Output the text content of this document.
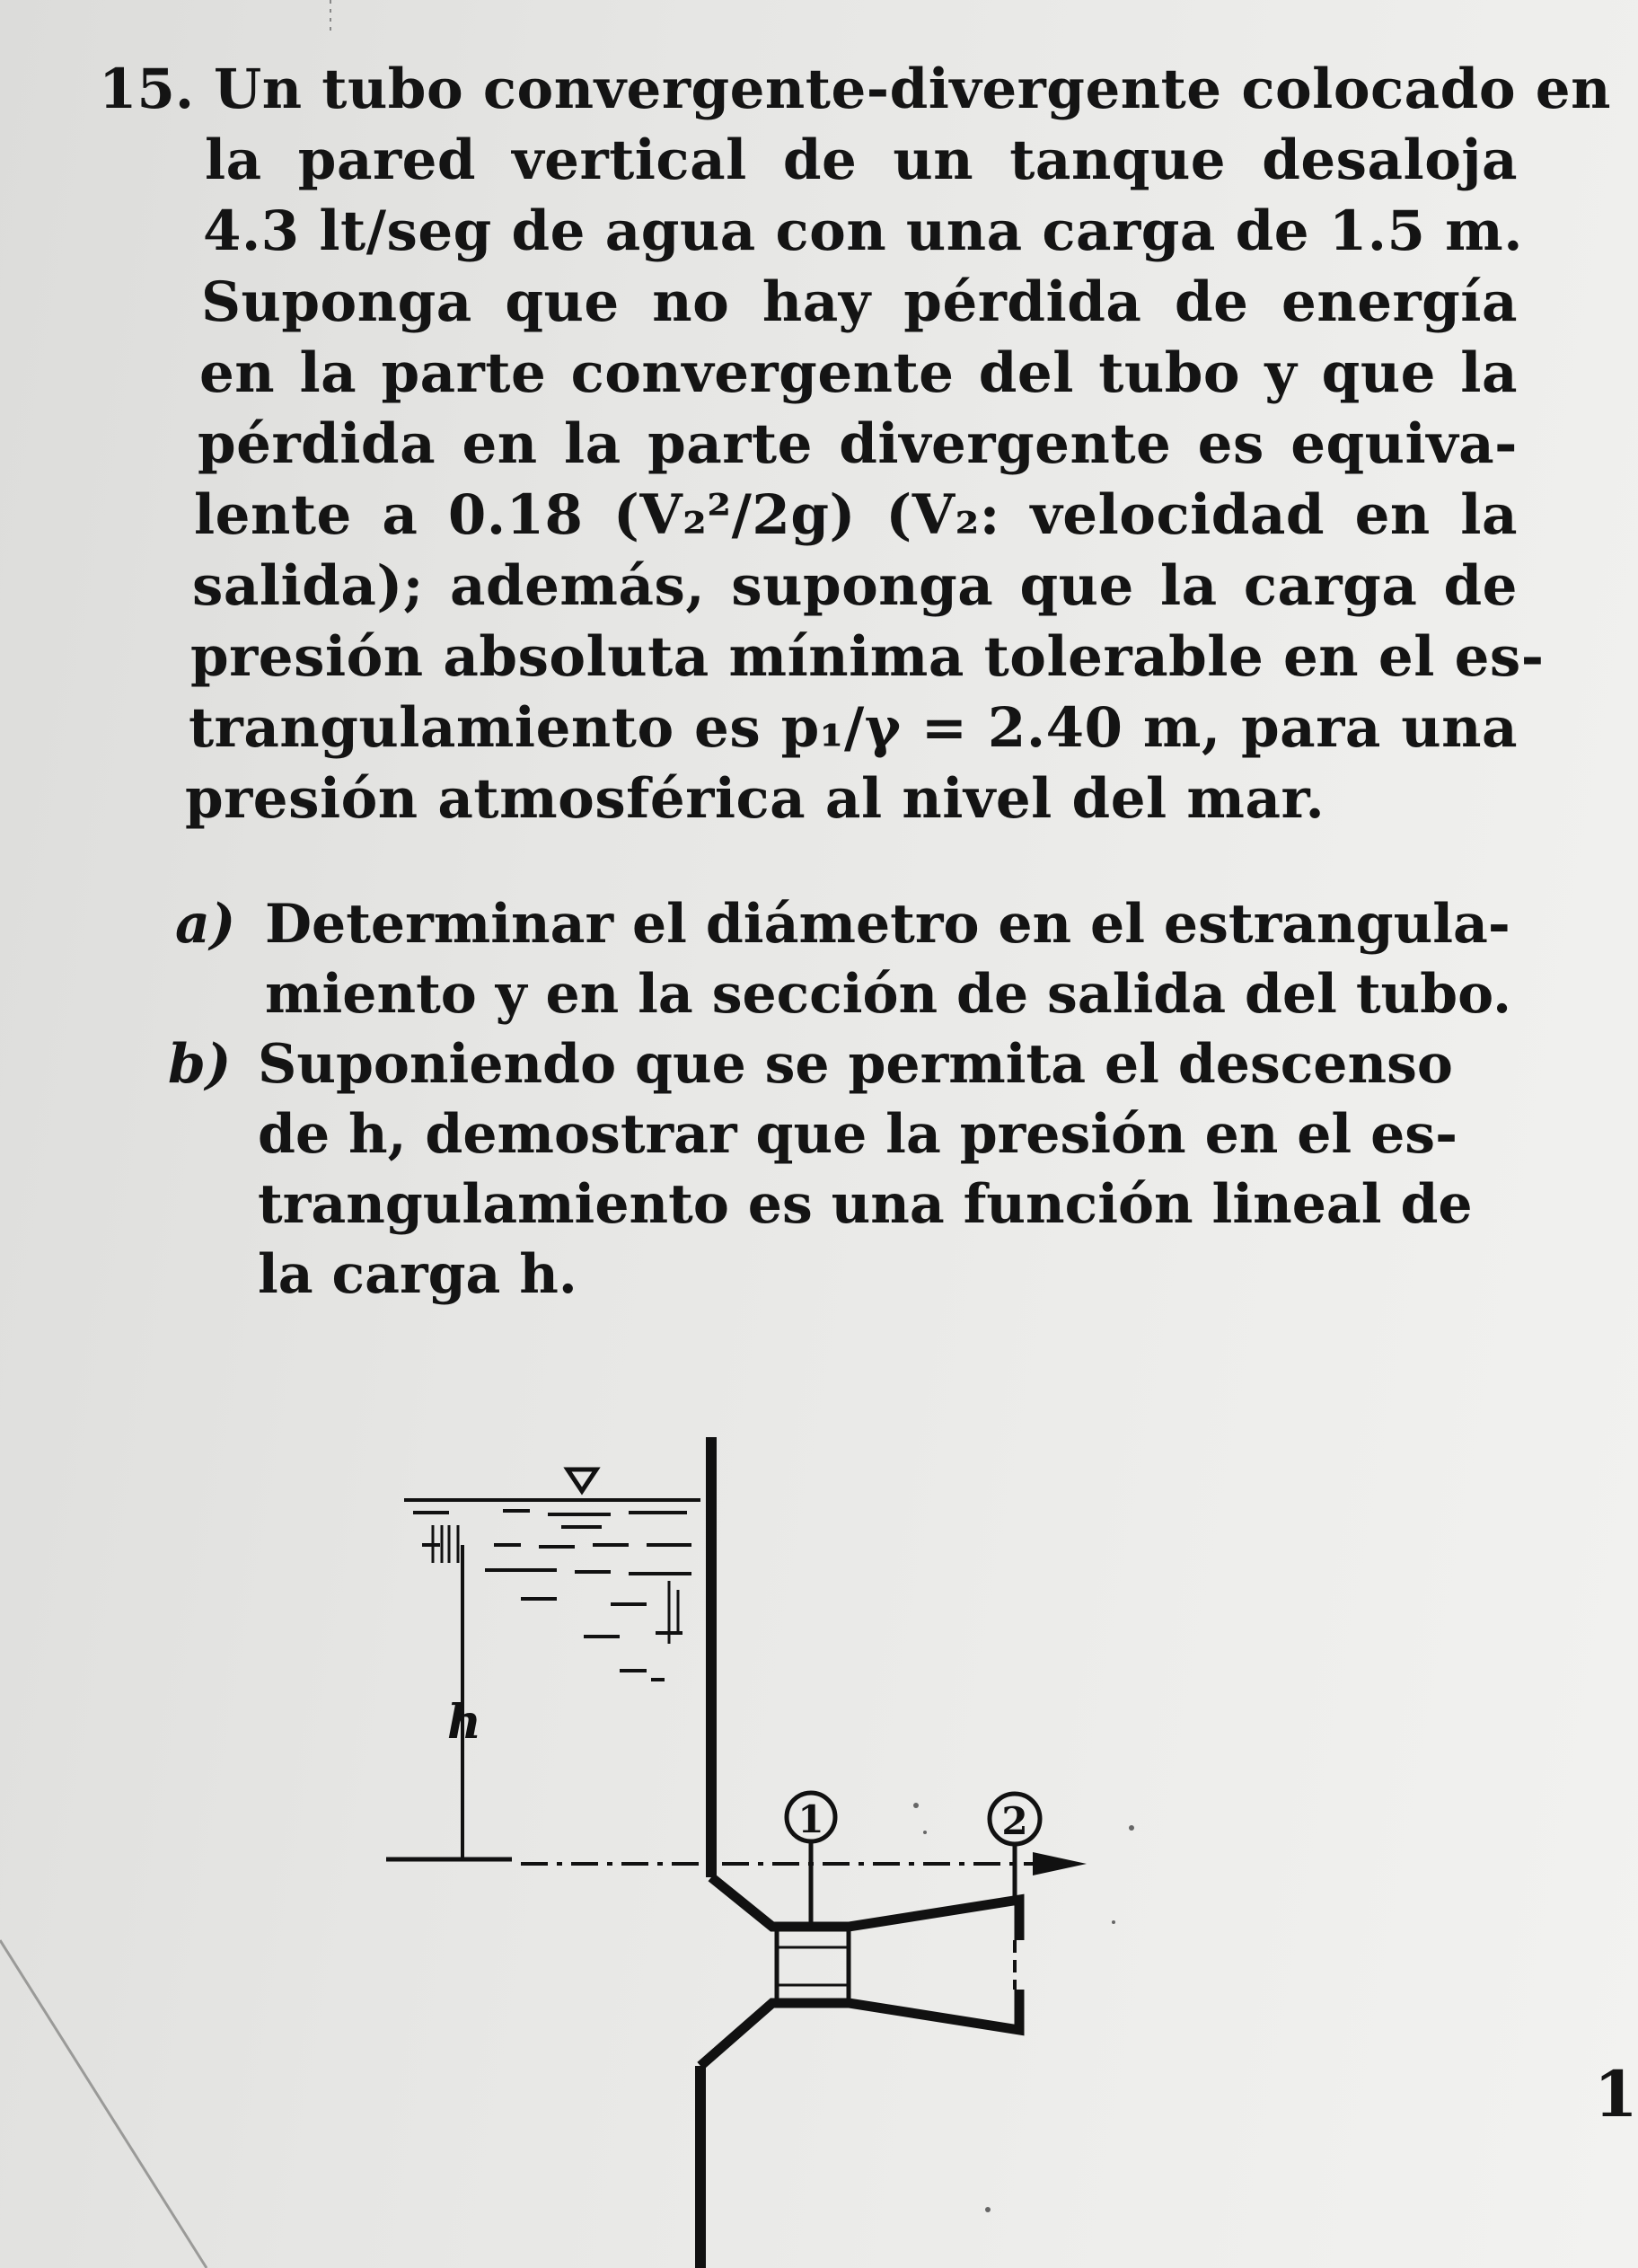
15. Un tubo convergente-divergente colocado en
la pared vertical de un tanque desaloja
4.3 lt/seg de agua con una carga de 1.5 m.
Suponga que no hay pérdida de energía
en la parte convergente del tubo y que la
pérdida en la parte divergente es equiva-
lente a 0.18 (V₂²/2g) (V₂: velocidad en la
salida); además, suponga que la carga de
presión absoluta mínima tolerable en el es-
trangulamiento es p₁/γ = 2.40 m, para una
presión atmosférica al nivel del mar.
a) Determinar el diámetro en el estrangula-
miento y en la sección de salida del tubo.
b) Suponiendo que se permita el descenso
de h, demostrar que la presión en el es-
trangulamiento es una función lineal de
la carga h.
h
1	2
1
